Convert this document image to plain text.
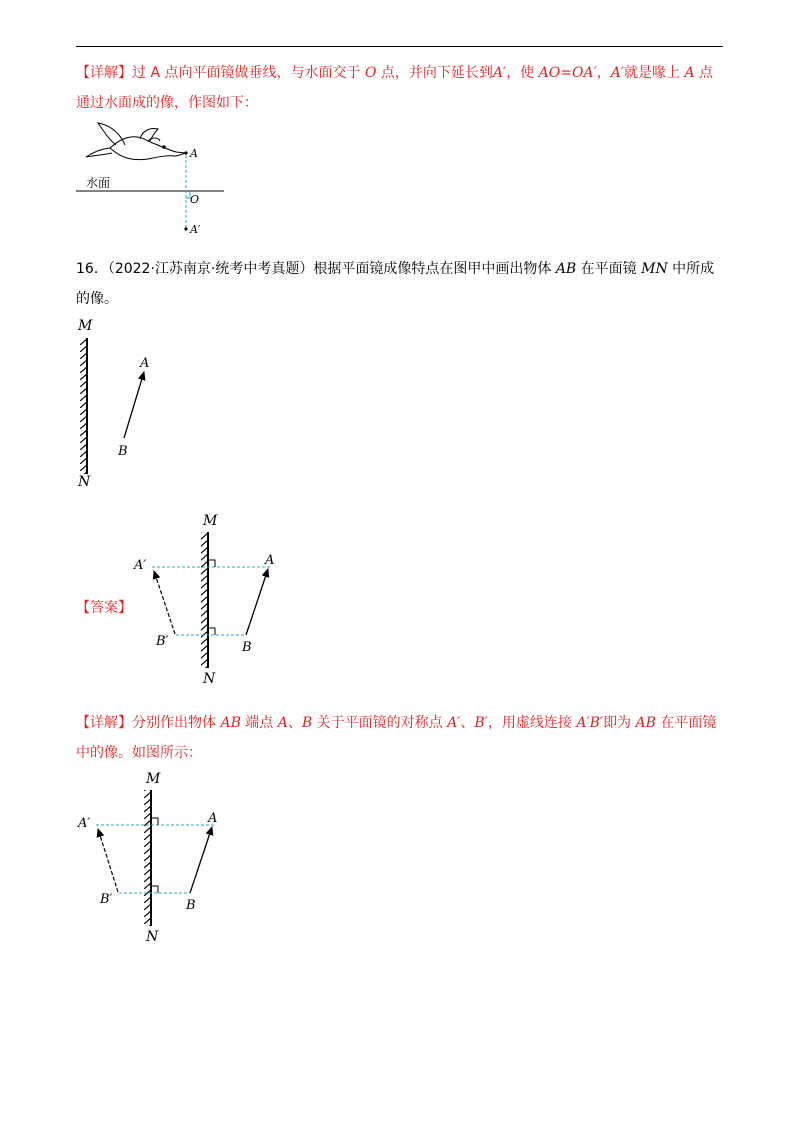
【详解】过 A 点向平面镜做垂线，与水面交于 O 点，并向下延长到A′，使 AO=OA′，A′就是喙上 A 点通过水面成的像，作图如下：

A
水面
O
A′

16．（2022·江苏南京·统考中考真题）根据平面镜成像特点在图甲中画出物体 AB 在平面镜 MN 中所成的像。

M
N
A
B
【答案】
M
N
A
B
A′
B′

【详解】分别作出物体 AB 端点 A、B 关于平面镜的对称点 A′、B′，用虚线连接 A′B′即为 AB 在平面镜中的像。如图所示：

M
N
A
B
A′
B′
